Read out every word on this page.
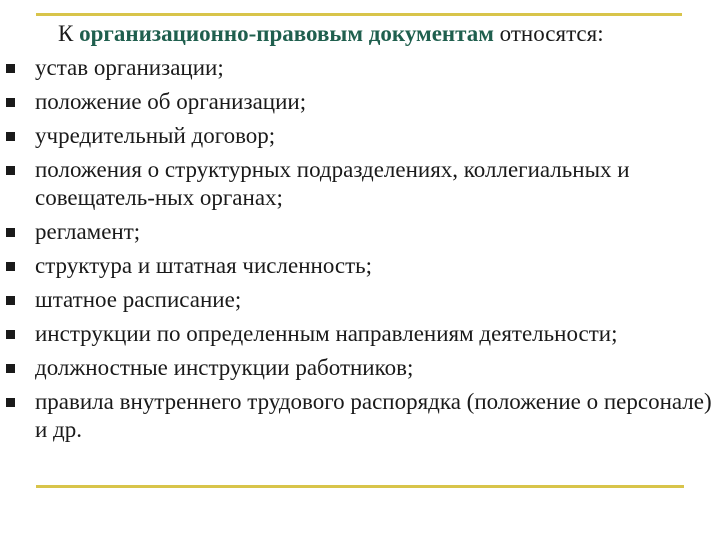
К организационно-правовым документам относятся:
устав организации;
положение об организации;
учредительный договор;
положения о структурных подразделениях, коллегиальных и совещатель-ных органах;
регламент;
структура и штатная численность;
штатное расписание;
инструкции по определенным направлениям деятельности;
должностные инструкции работников;
правила внутреннего трудового распорядка (положение о персонале) и др.
